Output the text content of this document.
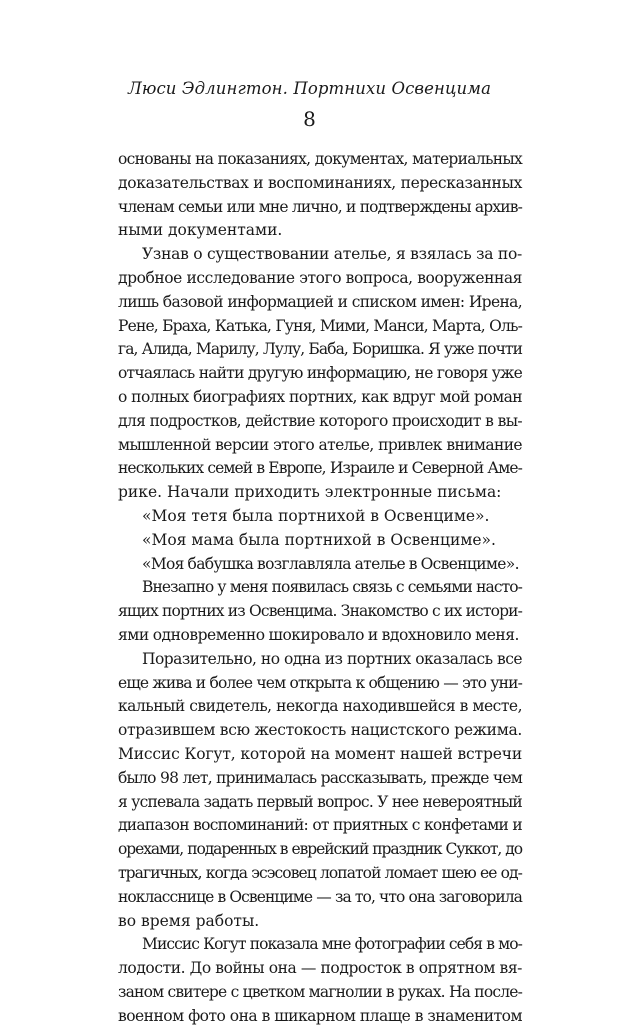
Люси Эдлингтон. Портнихи Освенцима
8
основаны на показаниях, документах, материальных
доказательствах и воспоминаниях, пересказанных
членам семьи или мне лично, и подтверждены архив-
ными документами.
Узнав о существовании ателье, я взялась за по-
дробное исследование этого вопроса, вооруженная
лишь базовой информацией и списком имен: Ирена,
Рене, Браха, Катька, Гуня, Мими, Манси, Марта, Оль-
га, Алида, Марилу, Лулу, Баба, Боришка. Я уже почти
отчаялась найти другую информацию, не говоря уже
о полных биографиях портних, как вдруг мой роман
для подростков, действие которого происходит в вы-
мышленной версии этого ателье, привлек внимание
нескольких семей в Европе, Израиле и Северной Аме-
рике. Начали приходить электронные письма:
«Моя тетя была портнихой в Освенциме».
«Моя мама была портнихой в Освенциме».
«Моя бабушка возглавляла ателье в Освенциме».
Внезапно у меня появилась связь с семьями насто-
ящих портних из Освенцима. Знакомство с их истори-
ями одновременно шокировало и вдохновило меня.
Поразительно, но одна из портних оказалась все
еще жива и более чем открыта к общению — это уни-
кальный свидетель, некогда находившейся в месте,
отразившем всю жестокость нацистского режима.
Миссис Когут, которой на момент нашей встречи
было 98 лет, принималась рассказывать, прежде чем
я успевала задать первый вопрос. У нее невероятный
диапазон воспоминаний: от приятных с конфетами и
орехами, подаренных в еврейский праздник Суккот, до
трагичных, когда эсэсовец лопатой ломает шею ее од-
ноклассницe в Освенциме — за то, что она заговорила
во время работы.
Миссис Когут показала мне фотографии себя в мо-
лодости. До войны она — подросток в опрятном вя-
заном свитере с цветком магнолии в руках. На после-
военном фото она в шикарном плаще в знаменитом
